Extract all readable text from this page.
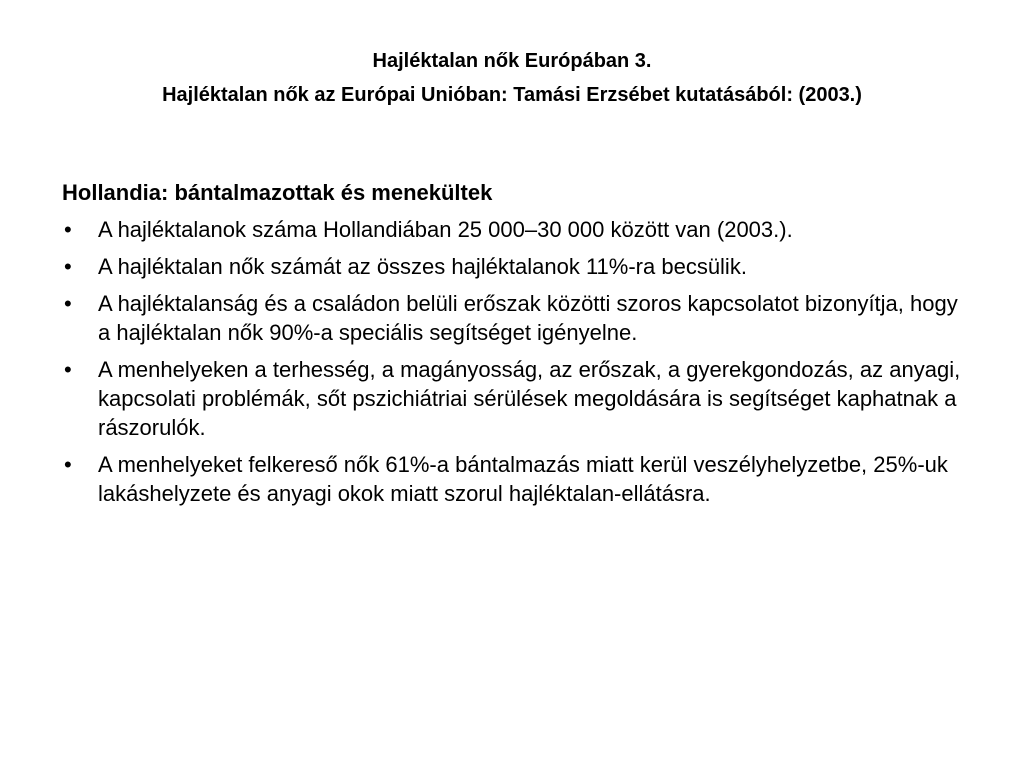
Hajléktalan nők Európában 3.
Hajléktalan nők az Európai Unióban: Tamási Erzsébet kutatásából: (2003.)
Hollandia: bántalmazottak és menekültek
• A hajléktalanok száma Hollandiában 25 000–30 000 között van (2003.).
• A hajléktalan nők számát az összes hajléktalanok 11%-ra becsülik.
• A hajléktalanság és a családon belüli erőszak közötti szoros kapcsolatot bizonyítja, hogy a hajléktalan nők 90%-a speciális segítséget igényelne.
• A menhelyeken a terhesség, a magányosság, az erőszak, a gyerekgondozás, az anyagi, kapcsolati problémák, sőt pszichiátriai sérülések megoldására is segítséget kaphatnak a rászorulók.
• A menhelyeket felkereső nők 61%-a bántalmazás miatt kerül veszélyhelyzetbe, 25%-uk lakáshelyzete és anyagi okok miatt szorul hajléktalan-ellátásra.
